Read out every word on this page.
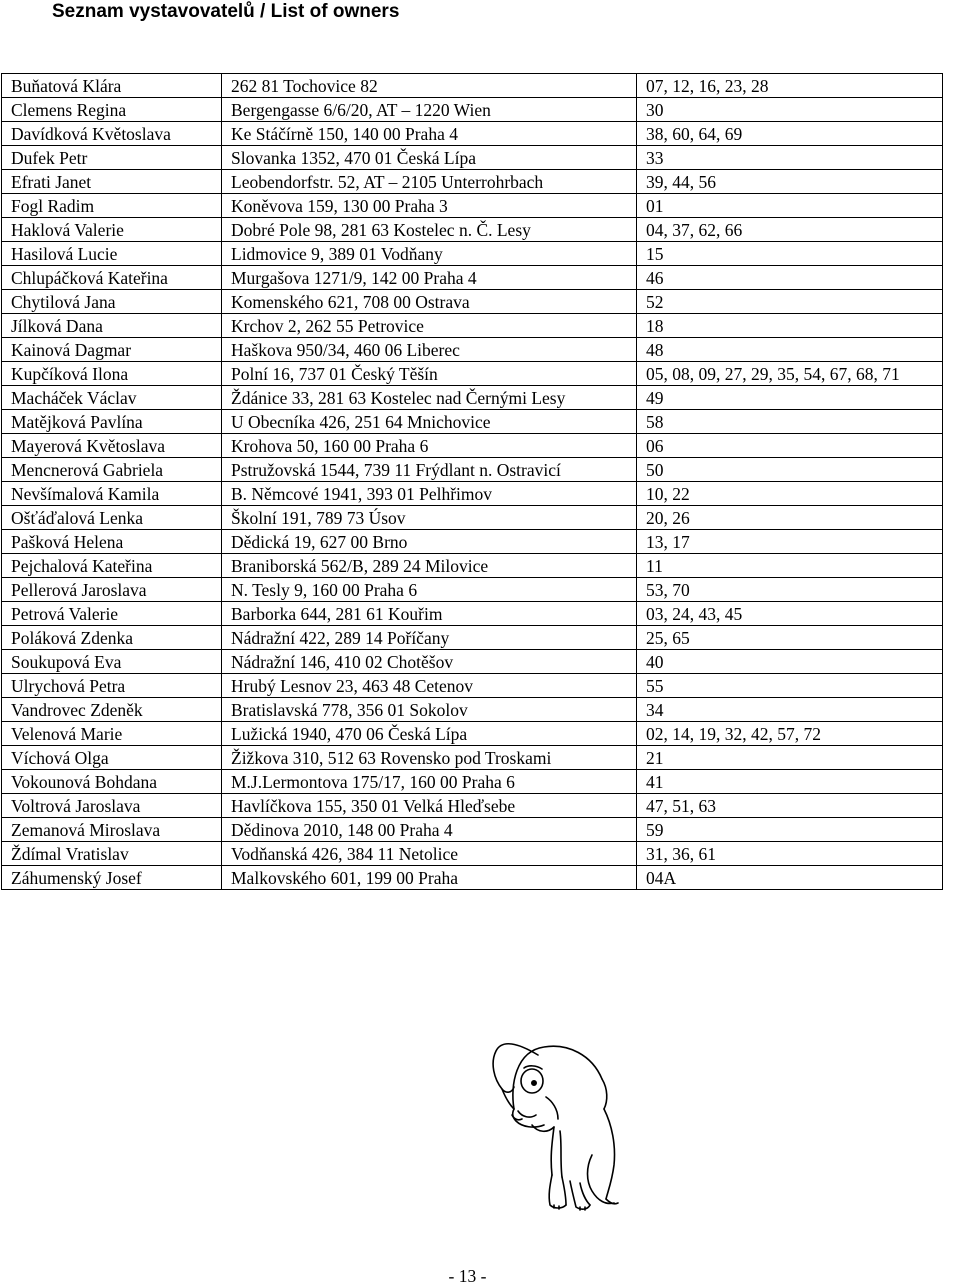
Seznam vystavovatelů / List of owners
Buňatová Klára	262 81 Tochovice 82	07, 12, 16, 23, 28
Clemens Regina	Bergengasse 6/6/20, AT – 1220 Wien	30
Davídková Květoslava	Ke Stáčírně 150, 140 00 Praha 4	38, 60, 64, 69
Dufek Petr	Slovanka 1352, 470 01 Česká Lípa	33
Efrati Janet	Leobendorfstr. 52, AT – 2105 Unterrohrbach	39, 44, 56
Fogl Radim	Koněvova 159, 130 00 Praha 3	01
Haklová Valerie	Dobré Pole 98, 281 63 Kostelec n. Č. Lesy	04, 37, 62, 66
Hasilová Lucie	Lidmovice 9, 389 01 Vodňany	15
Chlupáčková Kateřina	Murgašova 1271/9, 142 00 Praha 4	46
Chytilová Jana	Komenského 621, 708 00 Ostrava	52
Jílková Dana	Krchov 2, 262 55 Petrovice	18
Kainová Dagmar	Haškova 950/34, 460 06 Liberec	48
Kupčíková Ilona	Polní 16, 737 01 Český Těšín	05, 08, 09, 27, 29, 35, 54, 67, 68, 71
Macháček Václav	Ždánice 33, 281 63 Kostelec nad Černými Lesy	49
Matějková Pavlína	U Obecníka 426, 251 64 Mnichovice	58
Mayerová Květoslava	Krohova 50, 160 00 Praha 6	06
Mencnerová Gabriela	Pstružovská 1544, 739 11 Frýdlant n. Ostravicí	50
Nevšímalová Kamila	B. Němcové 1941, 393 01 Pelhřimov	10, 22
Ošťáďalová Lenka	Školní 191, 789 73 Úsov	20, 26
Pašková Helena	Dědická 19, 627 00 Brno	13, 17
Pejchalová Kateřina	Braniborská 562/B, 289 24 Milovice	11
Pellerová Jaroslava	N. Tesly 9, 160 00 Praha 6	53, 70
Petrová Valerie	Barborka 644, 281 61 Kouřim	03, 24, 43, 45
Poláková Zdenka	Nádražní 422, 289 14 Poříčany	25, 65
Soukupová Eva	Nádražní 146, 410 02 Chotěšov	40
Ulrychová Petra	Hrubý Lesnov 23, 463 48 Cetenov	55
Vandrovec Zdeněk	Bratislavská 778, 356 01 Sokolov	34
Velenová Marie	Lužická 1940, 470 06 Česká Lípa	02, 14, 19, 32, 42, 57, 72
Víchová Olga	Žižkova 310, 512 63 Rovensko pod Troskami	21
Vokounová Bohdana	M.J.Lermontova 175/17, 160 00 Praha 6	41
Voltrová Jaroslava	Havlíčkova 155, 350 01 Velká Hleďsebe	47, 51, 63
Zemanová Miroslava	Dědinova 2010, 148 00 Praha 4	59
Ždímal Vratislav	Vodňanská 426, 384 11 Netolice	31, 36, 61
Záhumenský Josef	Malkovského 601, 199 00 Praha	04A
- 13 -
